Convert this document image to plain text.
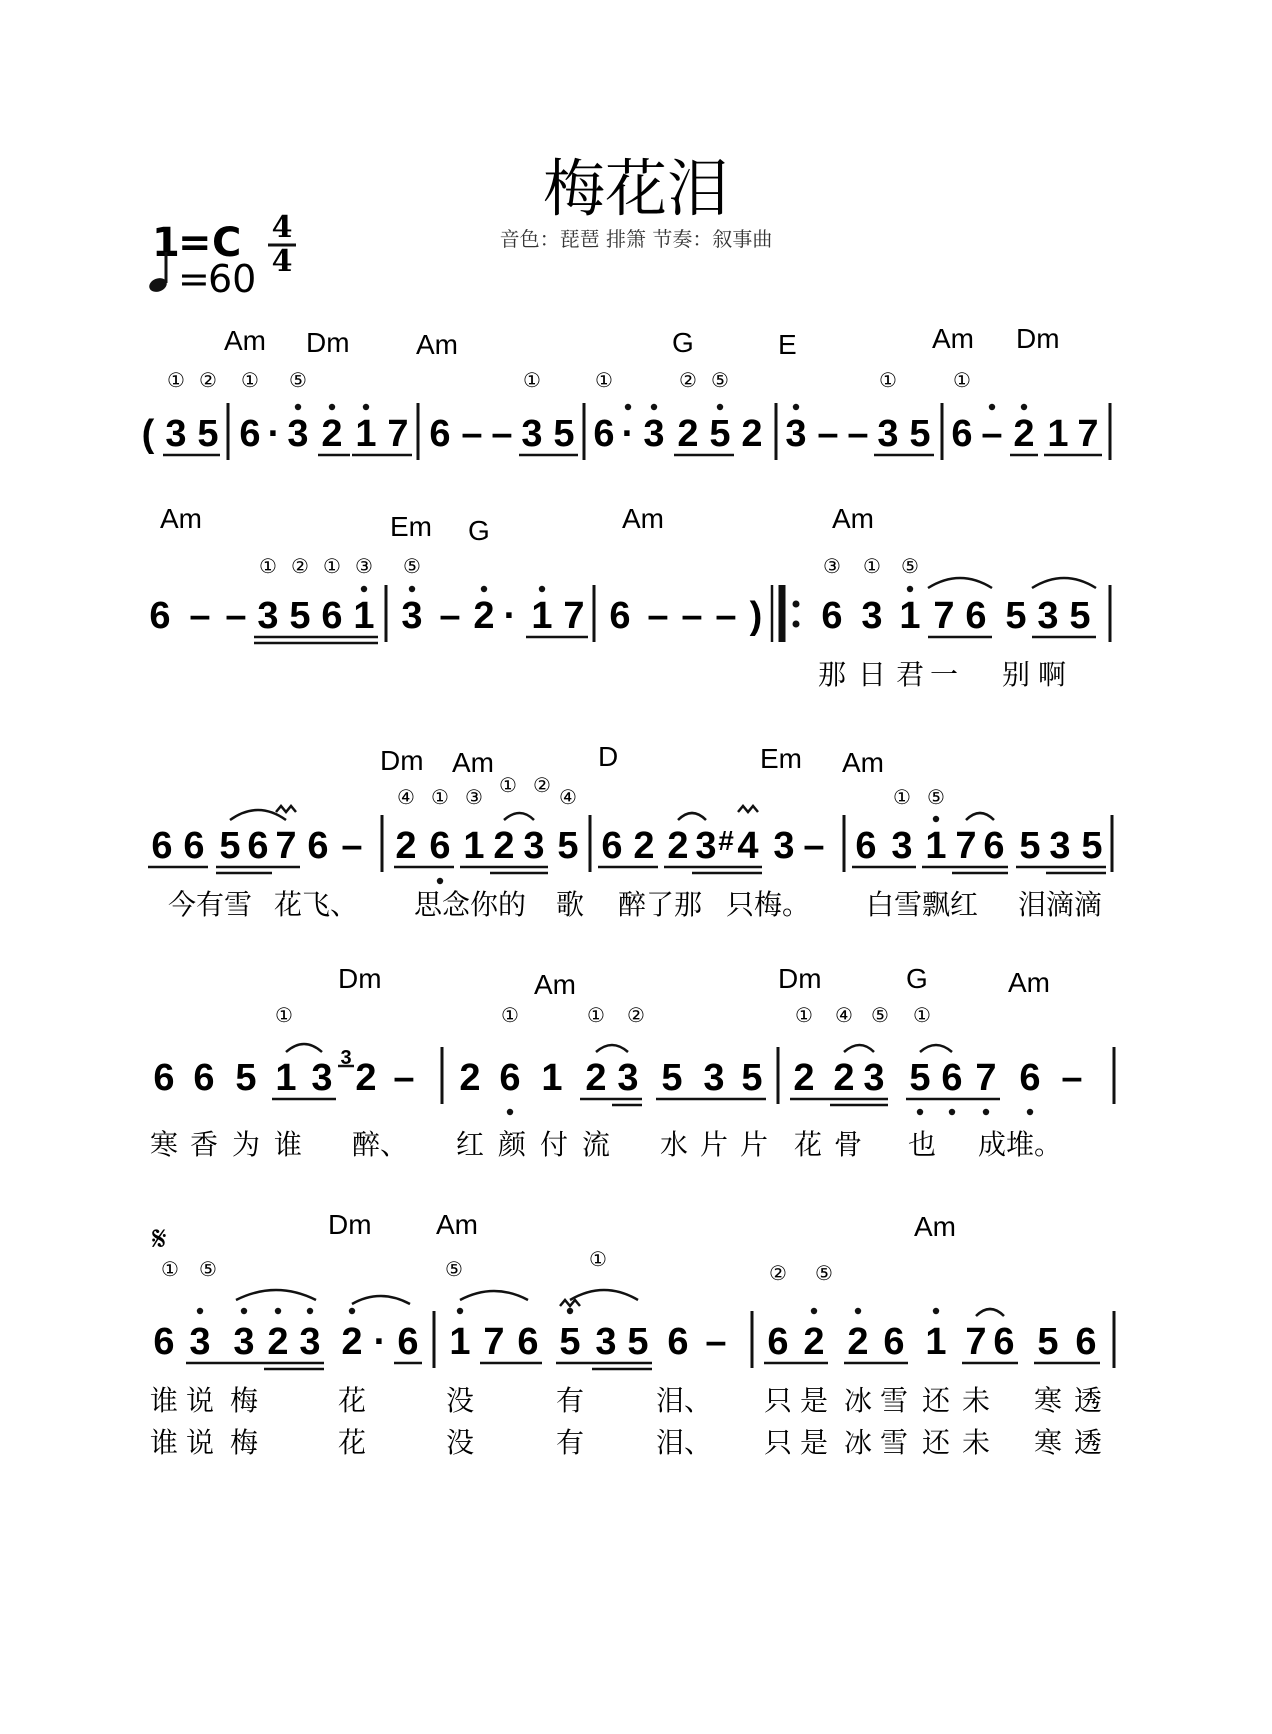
梅花泪
音色：琵琶 排箫 节奏：叙事曲
1
= C 4
4
=
60
Am Dm Am	G	E	Am Dm
① ② ① ⑤	①	①	② ⑤	①	①
( 3 5 6 · 3 2 1 7 6 – – 3 5 6 · 3 2 5 2 3 – – 3 5 6 – 2 1 7
Am	Em G	Am	Am
① ② ① ③ ⑤	③ ① ⑤
6 – – 3 5 6 1 3 – 2 · 1 7 6 – – – ) 6 3 1 7 6 5 3 5
那 日 君 一 别 啊
Dm Am	D	Em Am
④ ① ③ ① ② ④	① ⑤
6 6 5 6 7 6 – 2 6 1 2 3 5 6 2 2 3 # 4 3 – 6 3 1 7 6 5 3 5
今有雪 花飞、 思念你的 歌 醉了那 只梅。 白雪飘红 泪滴滴
Dm	Am	Dm	G	Am
①	①	① ②	① ④ ⑤ ①
6 6 5 1 3 3 2 – 2 6 1 2 3 5 3 5 2 2 3 5 6 7 6 –
寒 香 为 谁 醉、 红 颜 付 流 水 片 片 花 骨 也 成 堆。
𝄋	Dm Am	Am
① ⑤	⑤	①
② ⑤
6 3 3 2 3 2 · 6 1 7 6 5 3 5 6 – 6 2 2 6 1 7 6 5 6
谁 说 梅	花	没	有	泪、 只 是 冰 雪 还 未 寒 透
谁 说 梅	花	没	有	泪、 只 是 冰 雪 还 未 寒 透
